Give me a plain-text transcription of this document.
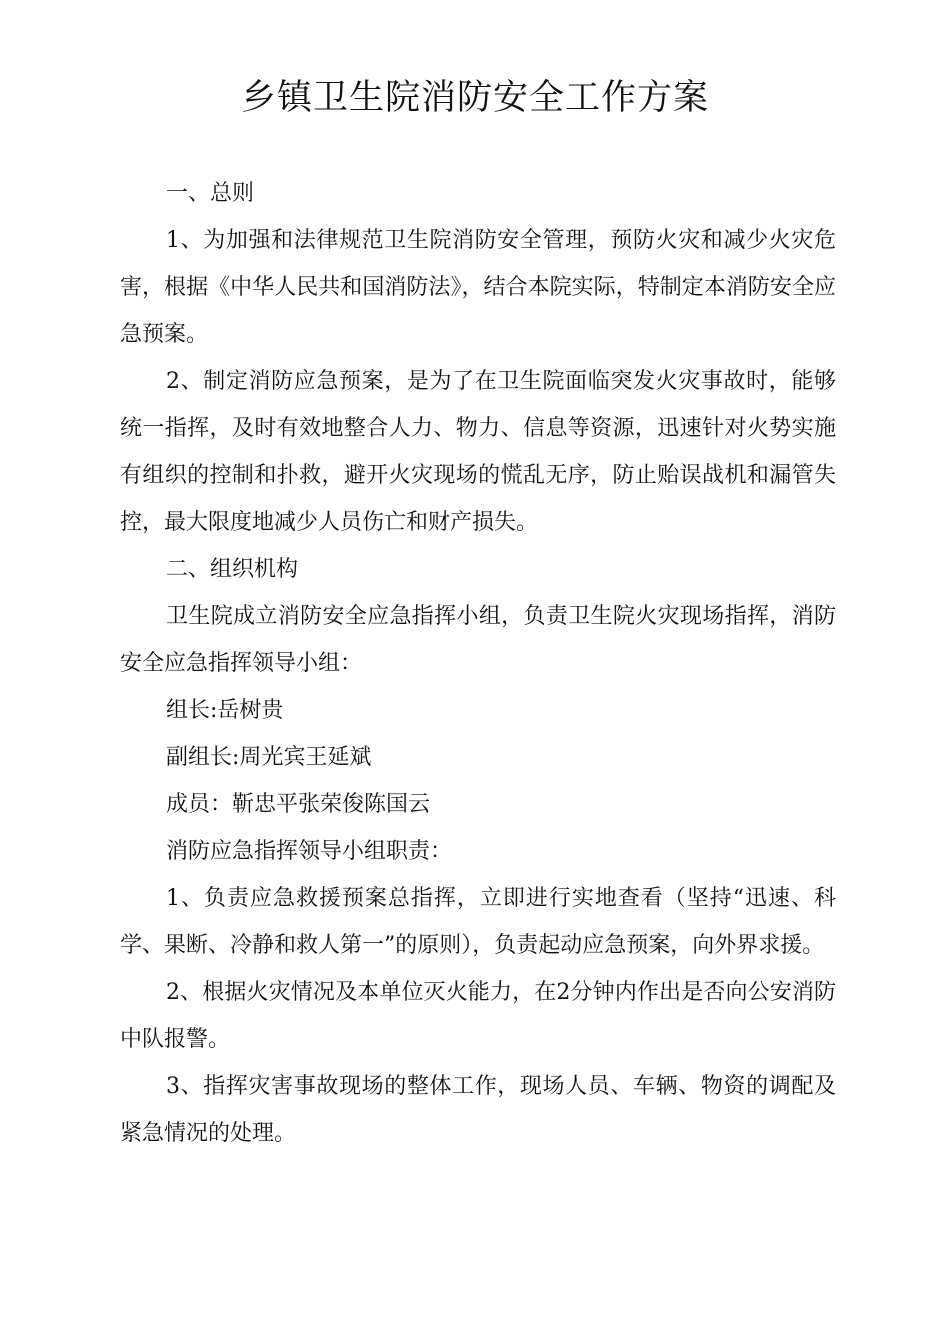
乡镇卫生院消防安全工作方案

一、总则

1、为加强和法律规范卫生院消防安全管理，预防火灾和减少火灾危害，根据《中华人民共和国消防法》，结合本院实际，特制定本消防安全应急预案。

2、制定消防应急预案，是为了在卫生院面临突发火灾事故时，能够统一指挥，及时有效地整合人力、物力、信息等资源，迅速针对火势实施有组织的控制和扑救，避开火灾现场的慌乱无序，防止贻误战机和漏管失控，最大限度地减少人员伤亡和财产损失。

二、组织机构

卫生院成立消防安全应急指挥小组，负责卫生院火灾现场指挥，消防安全应急指挥领导小组：

组长:岳树贵

副组长:周光宾王延斌

成员：靳忠平张荣俊陈国云

消防应急指挥领导小组职责：

1、负责应急救援预案总指挥，立即进行实地查看（坚持“迅速、科学、果断、冷静和救人第一”的原则），负责起动应急预案，向外界求援。

2、根据火灾情况及本单位灭火能力，在2分钟内作出是否向公安消防中队报警。

3、指挥灾害事故现场的整体工作，现场人员、车辆、物资的调配及紧急情况的处理。
